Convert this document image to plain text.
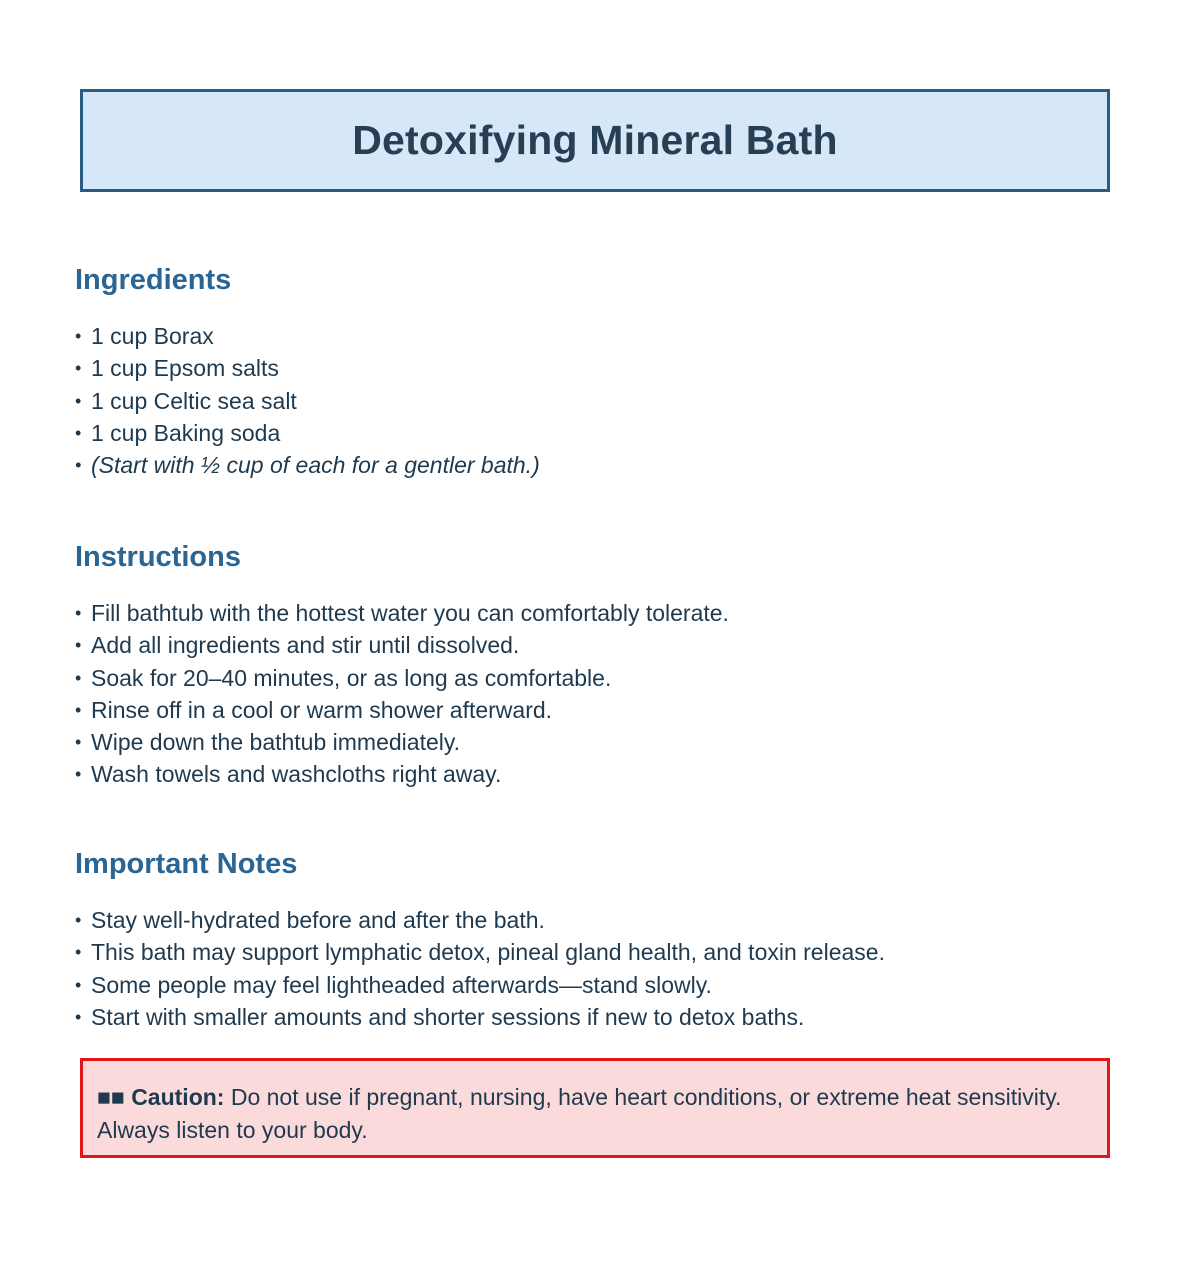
Detoxifying Mineral Bath
Ingredients
• 1 cup Borax
• 1 cup Epsom salts
• 1 cup Celtic sea salt
• 1 cup Baking soda
• (Start with ½ cup of each for a gentler bath.)
Instructions
• Fill bathtub with the hottest water you can comfortably tolerate.
• Add all ingredients and stir until dissolved.
• Soak for 20–40 minutes, or as long as comfortable.
• Rinse off in a cool or warm shower afterward.
• Wipe down the bathtub immediately.
• Wash towels and washcloths right away.
Important Notes
• Stay well-hydrated before and after the bath.
• This bath may support lymphatic detox, pineal gland health, and toxin release.
• Some people may feel lightheaded afterwards—stand slowly.
• Start with smaller amounts and shorter sessions if new to detox baths.
■■ Caution: Do not use if pregnant, nursing, have heart conditions, or extreme heat sensitivity. Always listen to your body.
